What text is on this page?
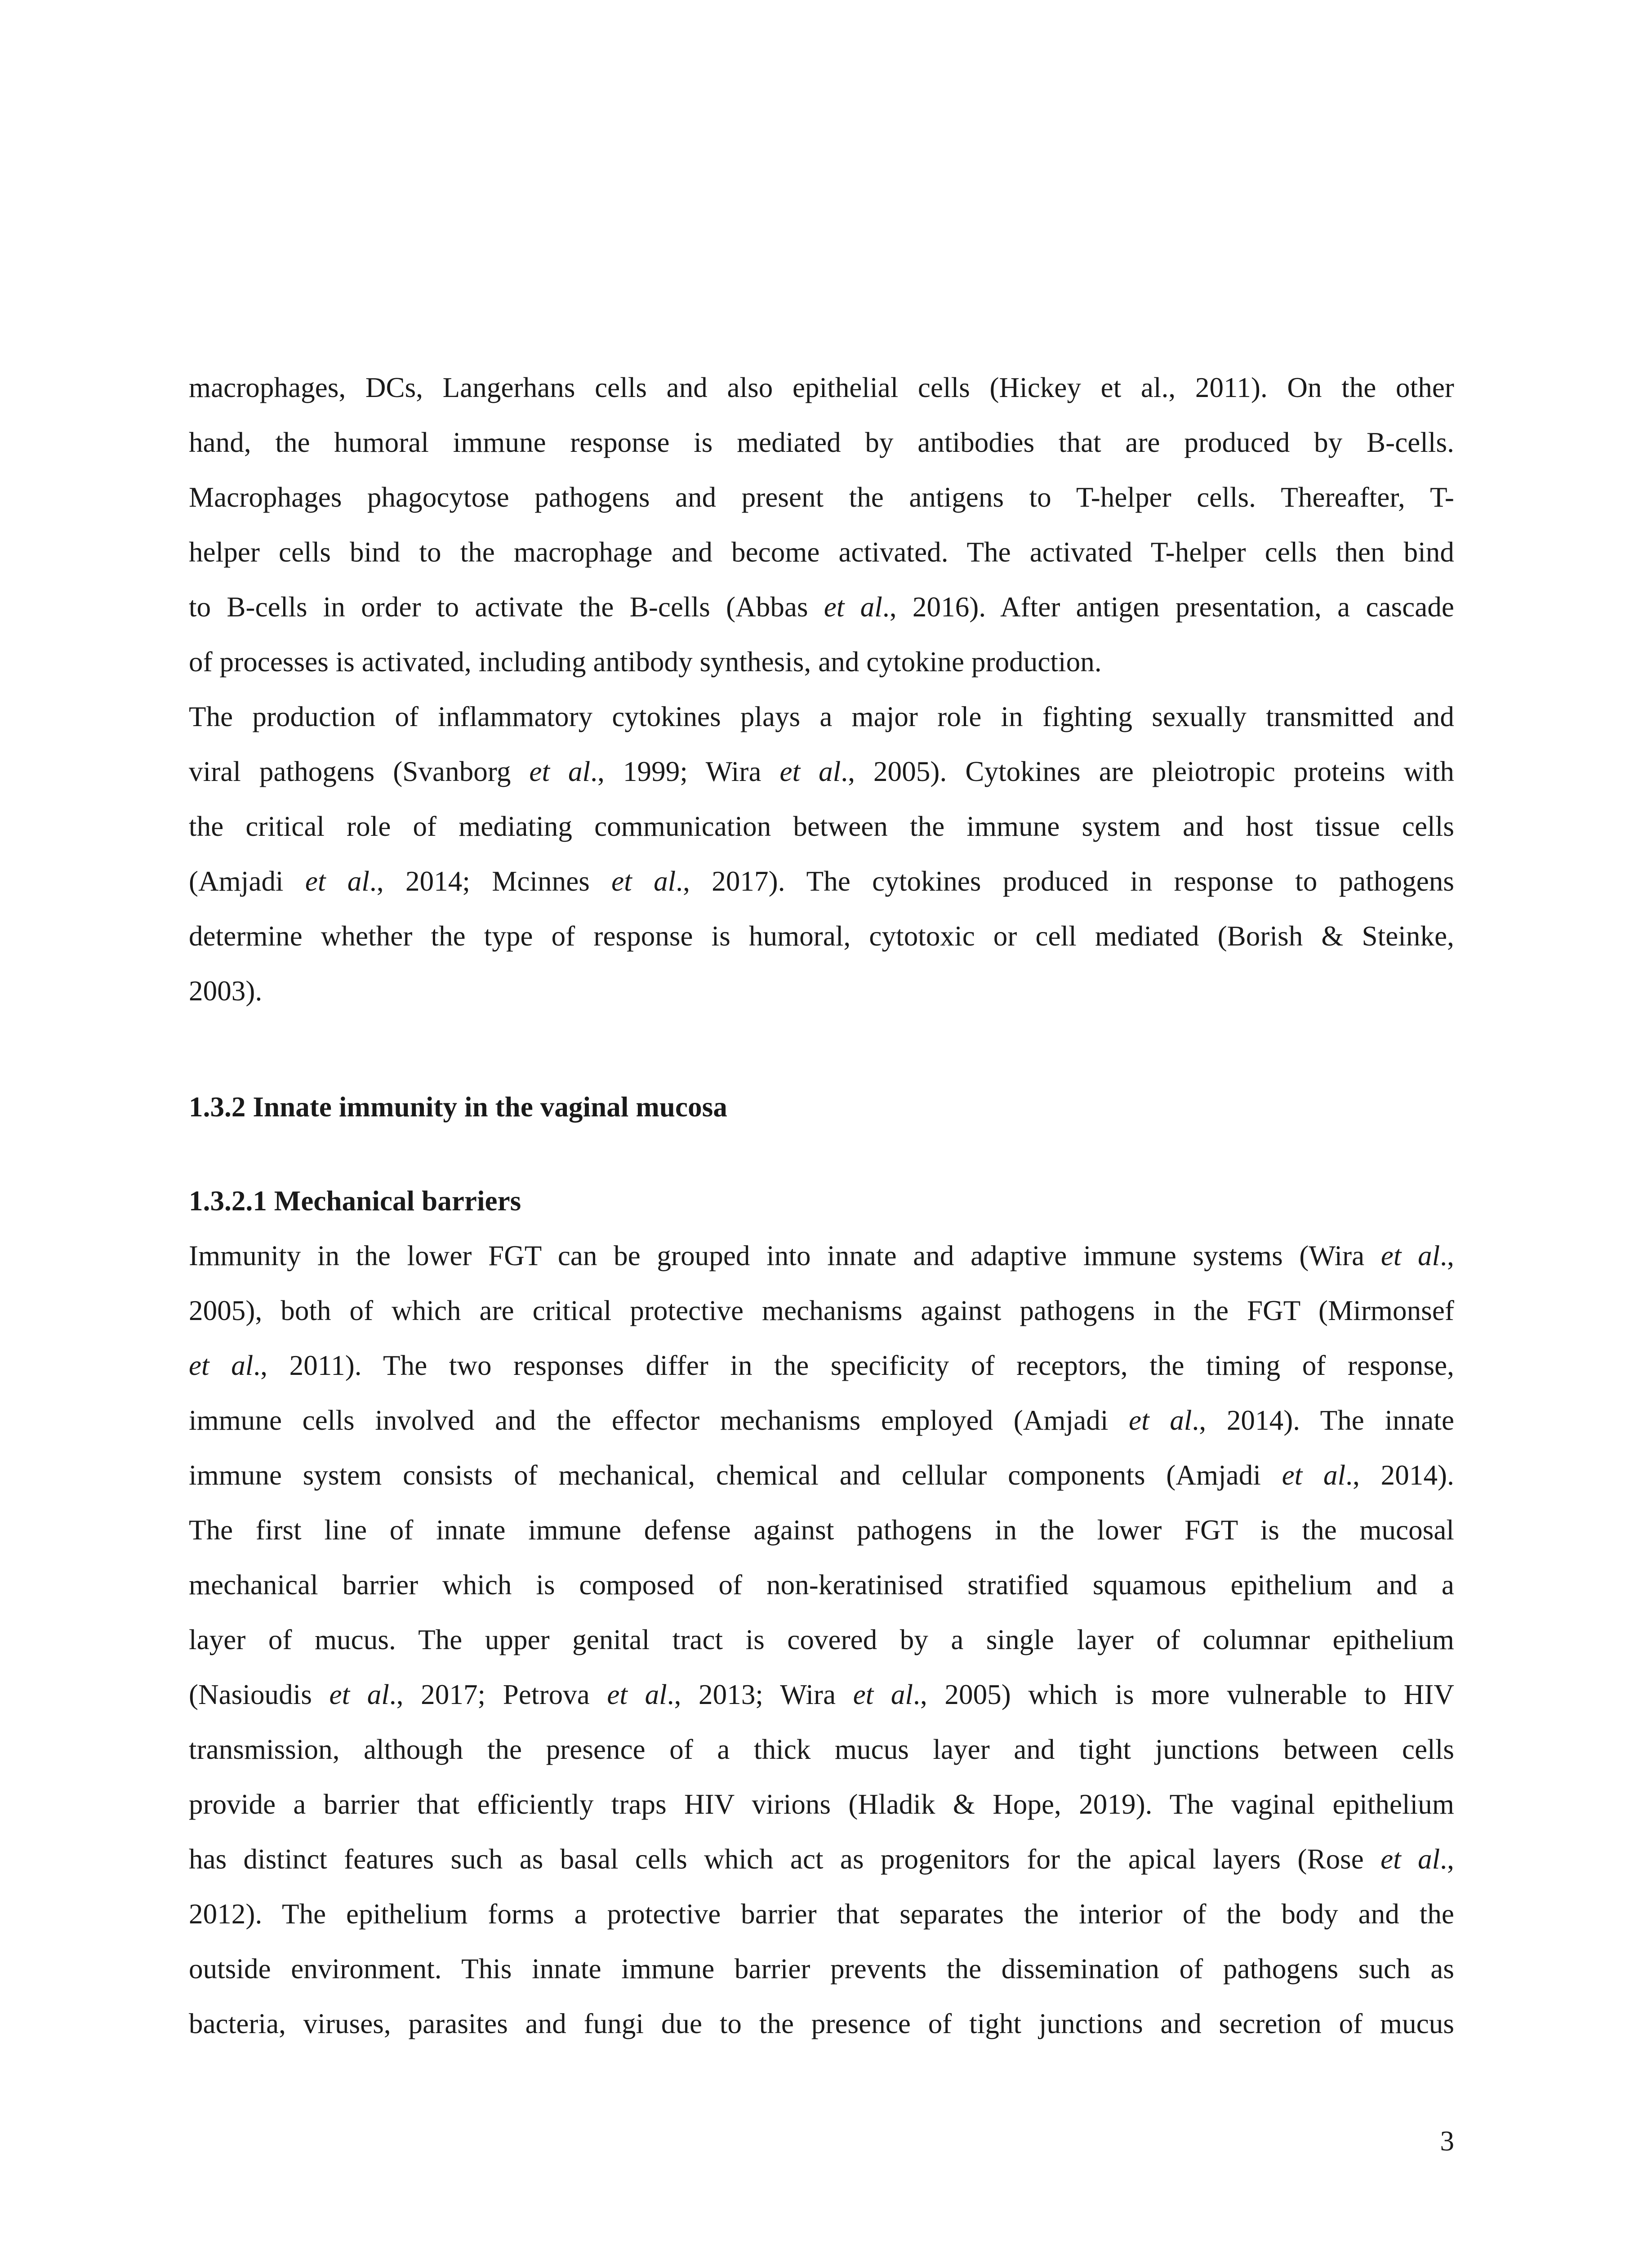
macrophages, DCs, Langerhans cells and also epithelial cells (Hickey et al., 2011). On the other
hand, the humoral immune response is mediated by antibodies that are produced by B-cells.
Macrophages phagocytose pathogens and present the antigens to T-helper cells. Thereafter, T-
helper cells bind to the macrophage and become activated. The activated T-helper cells then bind
to B-cells in order to activate the B-cells (Abbas et al., 2016). After antigen presentation, a cascade
of processes is activated, including antibody synthesis, and cytokine production.
The production of inflammatory cytokines plays a major role in fighting sexually transmitted and
viral pathogens (Svanborg et al., 1999; Wira et al., 2005). Cytokines are pleiotropic proteins with
the critical role of mediating communication between the immune system and host tissue cells
(Amjadi et al., 2014; Mcinnes et al., 2017). The cytokines produced in response to pathogens
determine whether the type of response is humoral, cytotoxic or cell mediated (Borish & Steinke,
2003).
1.3.2 Innate immunity in the vaginal mucosa
1.3.2.1 Mechanical barriers
Immunity in the lower FGT can be grouped into innate and adaptive immune systems (Wira et al.,
2005), both of which are critical protective mechanisms against pathogens in the FGT (Mirmonsef
et al., 2011). The two responses differ in the specificity of receptors, the timing of response,
immune cells involved and the effector mechanisms employed (Amjadi et al., 2014). The innate
immune system consists of mechanical, chemical and cellular components (Amjadi et al., 2014).
The first line of innate immune defense against pathogens in the lower FGT is the mucosal
mechanical barrier which is composed of non-keratinised stratified squamous epithelium and a
layer of mucus. The upper genital tract is covered by a single layer of columnar epithelium
(Nasioudis et al., 2017; Petrova et al., 2013; Wira et al., 2005) which is more vulnerable to HIV
transmission, although the presence of a thick mucus layer and tight junctions between cells
provide a barrier that efficiently traps HIV virions (Hladik & Hope, 2019). The vaginal epithelium
has distinct features such as basal cells which act as progenitors for the apical layers (Rose et al.,
2012). The epithelium forms a protective barrier that separates the interior of the body and the
outside environment. This innate immune barrier prevents the dissemination of pathogens such as
bacteria, viruses, parasites and fungi due to the presence of tight junctions and secretion of mucus
3
